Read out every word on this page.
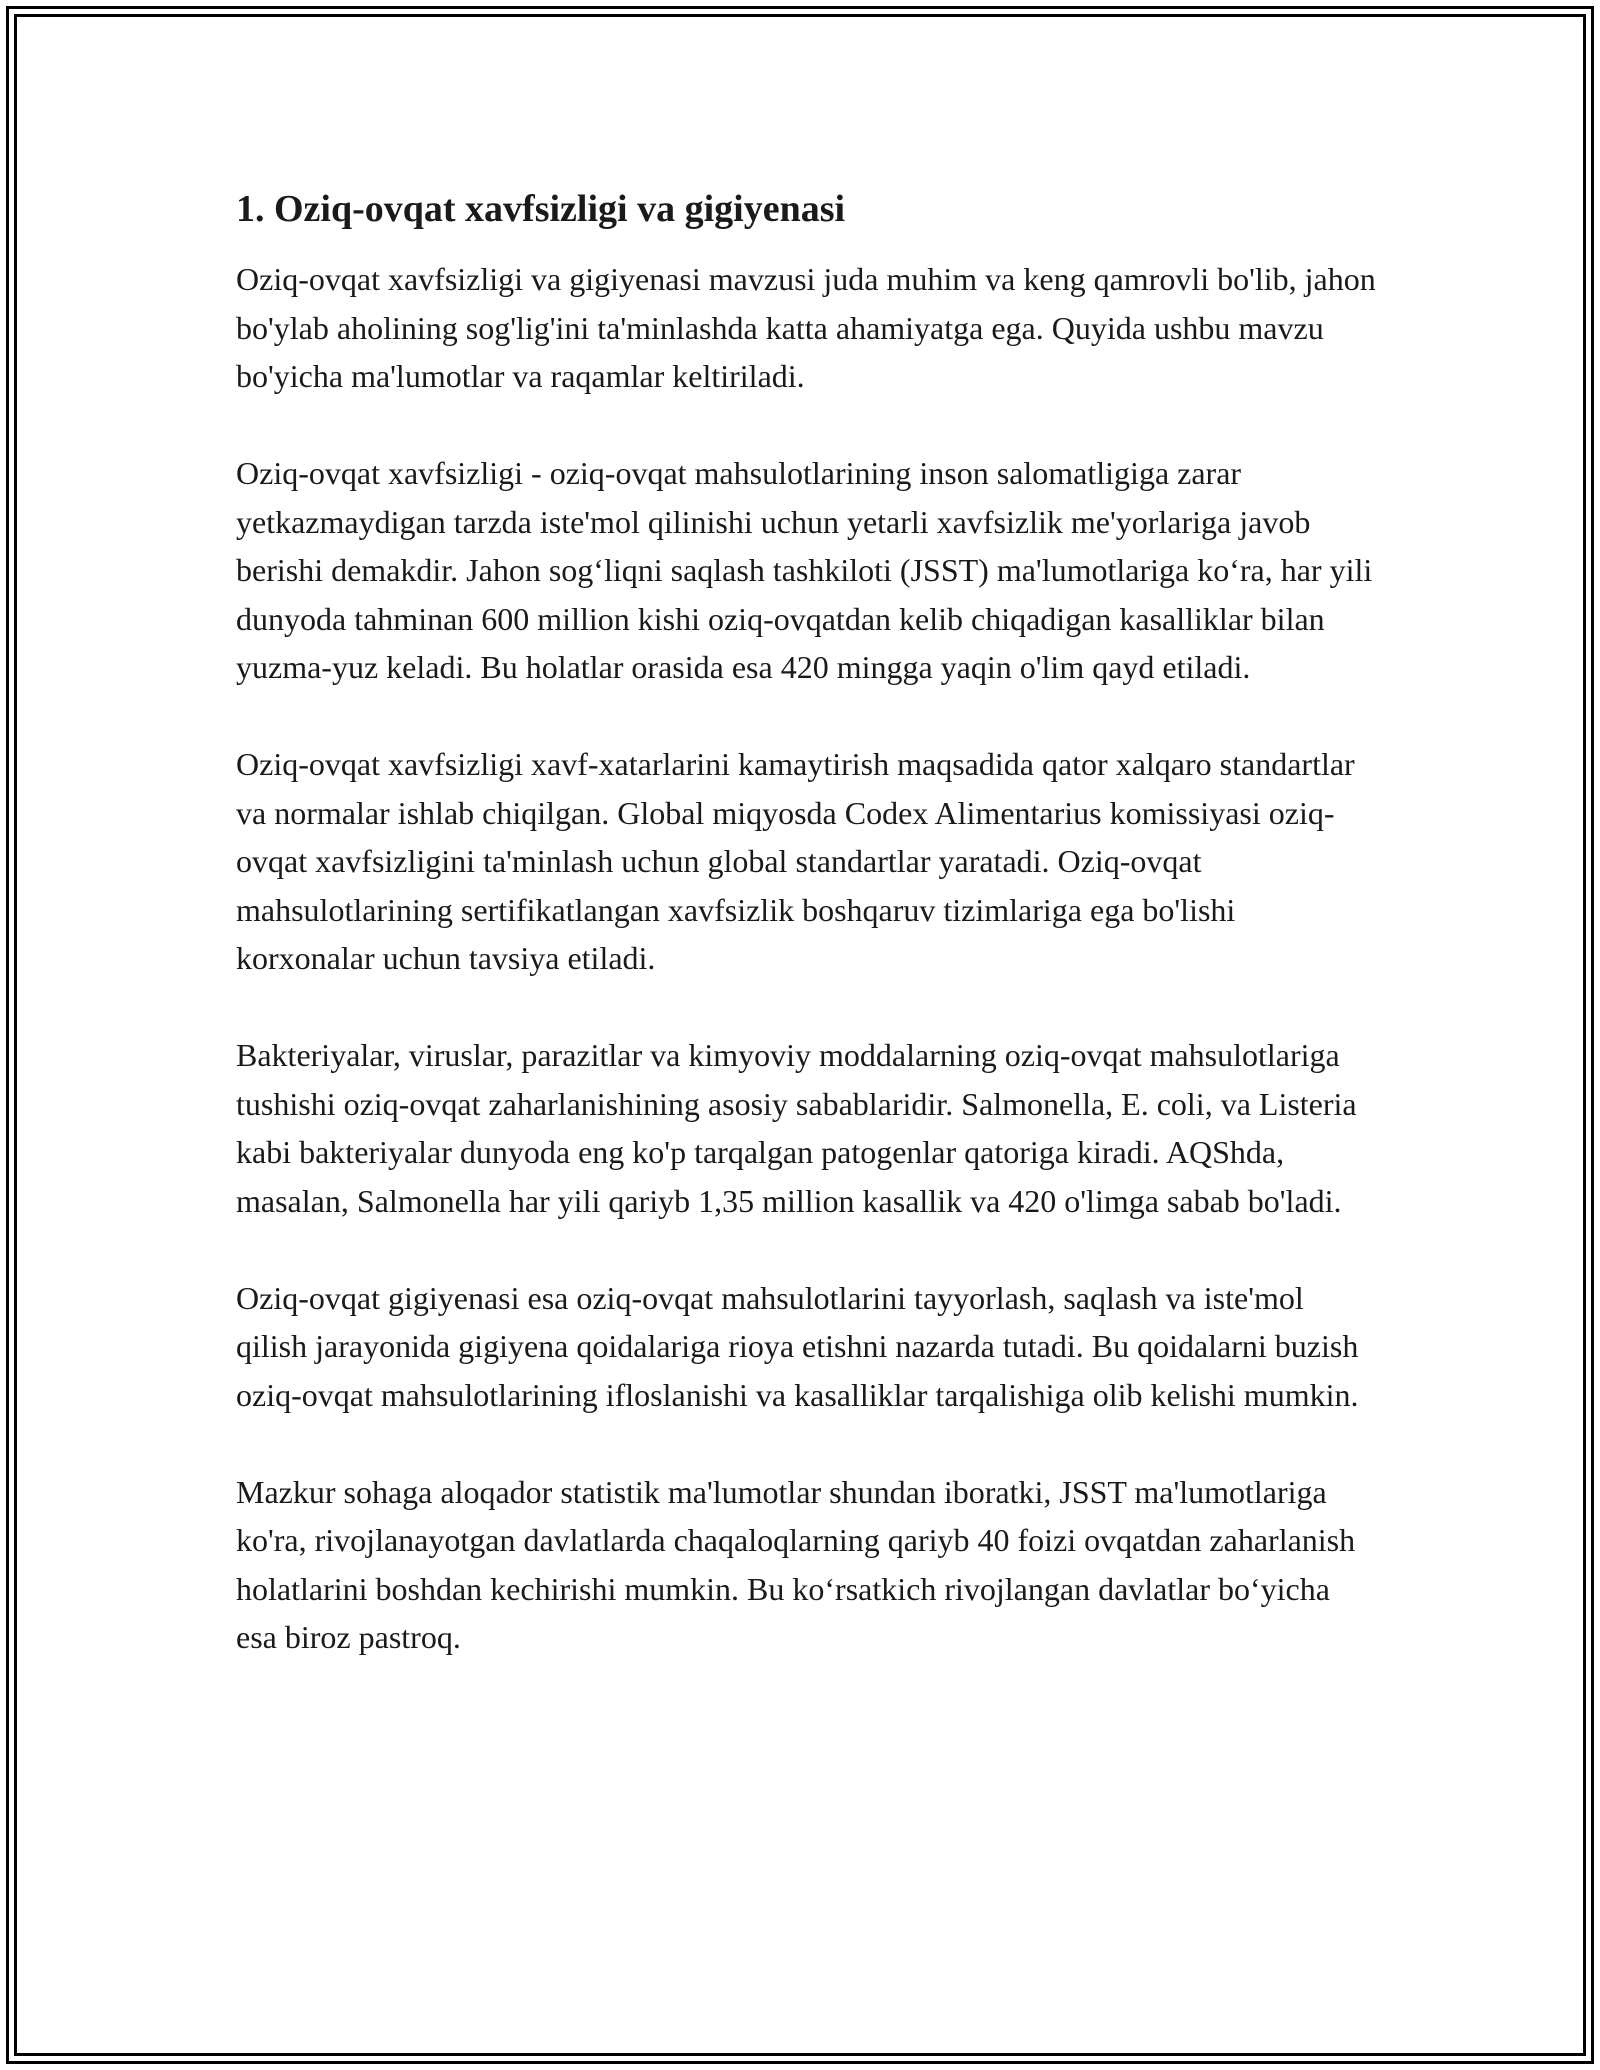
1. Oziq-ovqat xavfsizligi va gigiyenasi

Oziq-ovqat xavfsizligi va gigiyenasi mavzusi juda muhim va keng qamrovli bo'lib, jahon bo'ylab aholining sog'lig'ini ta'minlashda katta ahamiyatga ega. Quyida ushbu mavzu bo'yicha ma'lumotlar va raqamlar keltiriladi.

Oziq-ovqat xavfsizligi - oziq-ovqat mahsulotlarining inson salomatligiga zarar yetkazmaydigan tarzda iste'mol qilinishi uchun yetarli xavfsizlik me'yorlariga javob berishi demakdir. Jahon sog‘liqni saqlash tashkiloti (JSST) ma'lumotlariga ko‘ra, har yili dunyoda tahminan 600 million kishi oziq-ovqatdan kelib chiqadigan kasalliklar bilan yuzma-yuz keladi. Bu holatlar orasida esa 420 mingga yaqin o'lim qayd etiladi.

Oziq-ovqat xavfsizligi xavf-xatarlarini kamaytirish maqsadida qator xalqaro standartlar va normalar ishlab chiqilgan. Global miqyosda Codex Alimentarius komissiyasi oziq-ovqat xavfsizligini ta'minlash uchun global standartlar yaratadi. Oziq-ovqat mahsulotlarining sertifikatlangan xavfsizlik boshqaruv tizimlariga ega bo'lishi korxonalar uchun tavsiya etiladi.

Bakteriyalar, viruslar, parazitlar va kimyoviy moddalarning oziq-ovqat mahsulotlariga tushishi oziq-ovqat zaharlanishining asosiy sabablaridir. Salmonella, E. coli, va Listeria kabi bakteriyalar dunyoda eng ko'p tarqalgan patogenlar qatoriga kiradi. AQShda, masalan, Salmonella har yili qariyb 1,35 million kasallik va 420 o'limga sabab bo'ladi.

Oziq-ovqat gigiyenasi esa oziq-ovqat mahsulotlarini tayyorlash, saqlash va iste'mol qilish jarayonida gigiyena qoidalariga rioya etishni nazarda tutadi. Bu qoidalarni buzish oziq-ovqat mahsulotlarining ifloslanishi va kasalliklar tarqalishiga olib kelishi mumkin.

Mazkur sohaga aloqador statistik ma'lumotlar shundan iboratki, JSST ma'lumotlariga ko'ra, rivojlanayotgan davlatlarda chaqaloqlarning qariyb 40 foizi ovqatdan zaharlanish holatlarini boshdan kechirishi mumkin. Bu ko‘rsatkich rivojlangan davlatlar bo‘yicha esa biroz pastroq.
